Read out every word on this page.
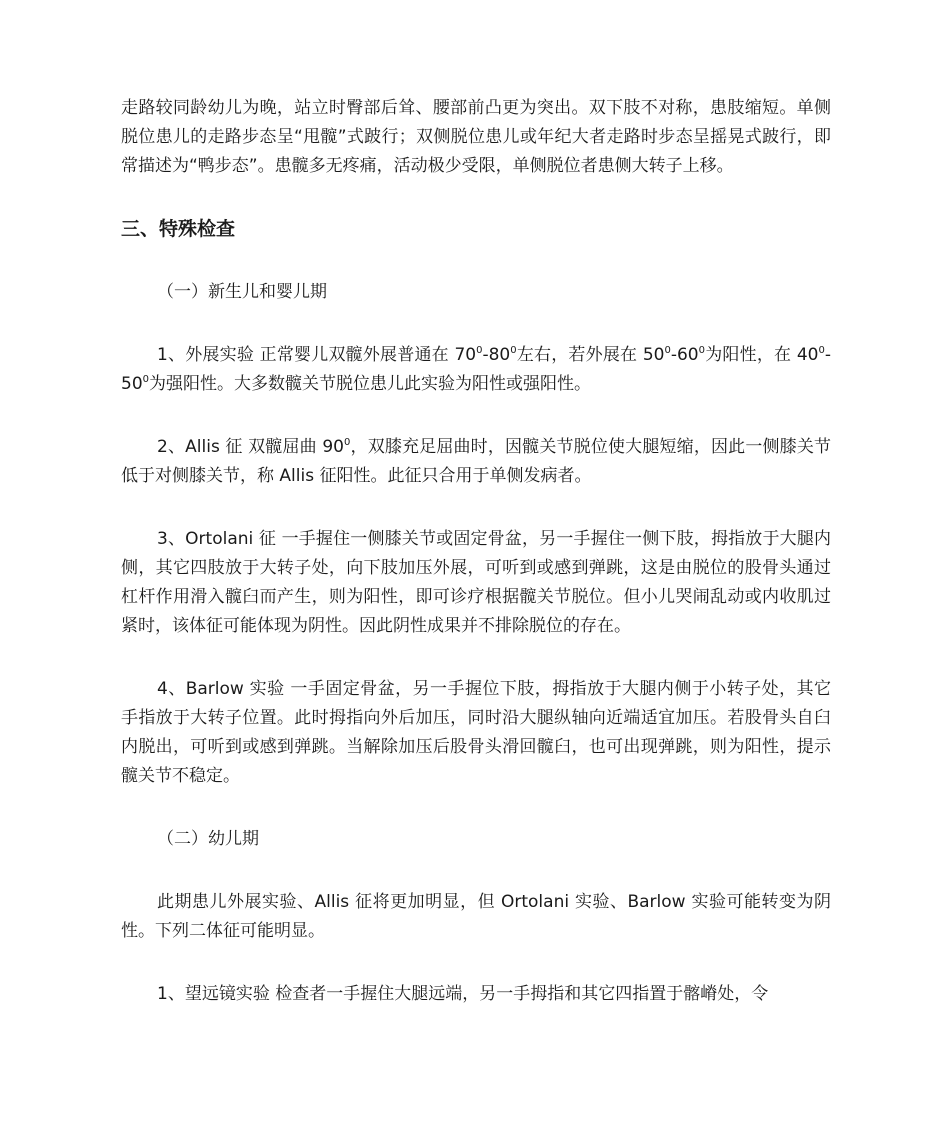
走路较同龄幼儿为晚，站立时臀部后耸、腰部前凸更为突出。双下肢不对称，患肢缩短。单侧脱位患儿的走路步态呈“甩髋”式跛行；双侧脱位患儿或年纪大者走路时步态呈摇晃式跛行，即常描述为“鸭步态”。患髋多无疼痛，活动极少受限，单侧脱位者患侧大转子上移。

三、特殊检查

（一）新生儿和婴儿期

1、外展实验 正常婴儿双髋外展普通在 $70^0-80^0$左右，若外展在 $50^0-60^0$为阳性，在 $40^0-50^0$为强阳性。大多数髋关节脱位患儿此实验为阳性或强阳性。

2、Allis 征 双髋屈曲 $90^0$，双膝充足屈曲时，因髋关节脱位使大腿短缩，因此一侧膝关节低于对侧膝关节，称 Allis 征阳性。此征只合用于单侧发病者。

3、Ortolani 征 一手握住一侧膝关节或固定骨盆，另一手握住一侧下肢，拇指放于大腿内侧，其它四肢放于大转子处，向下肢加压外展，可听到或感到弹跳，这是由脱位的股骨头通过杠杆作用滑入髋臼而产生，则为阳性，即可诊疗根据髋关节脱位。但小儿哭闹乱动或内收肌过紧时，该体征可能体现为阴性。因此阴性成果并不排除脱位的存在。

4、Barlow 实验 一手固定骨盆，另一手握位下肢，拇指放于大腿内侧于小转子处，其它手指放于大转子位置。此时拇指向外后加压，同时沿大腿纵轴向近端适宜加压。若股骨头自臼内脱出，可听到或感到弹跳。当解除加压后股骨头滑回髋臼，也可出现弹跳，则为阳性，提示髋关节不稳定。

（二）幼儿期

此期患儿外展实验、Allis 征将更加明显，但 Ortolani 实验、Barlow 实验可能转变为阴性。下列二体征可能明显。

1、望远镜实验 检查者一手握住大腿远端，另一手拇指和其它四指置于髂嵴处，令
